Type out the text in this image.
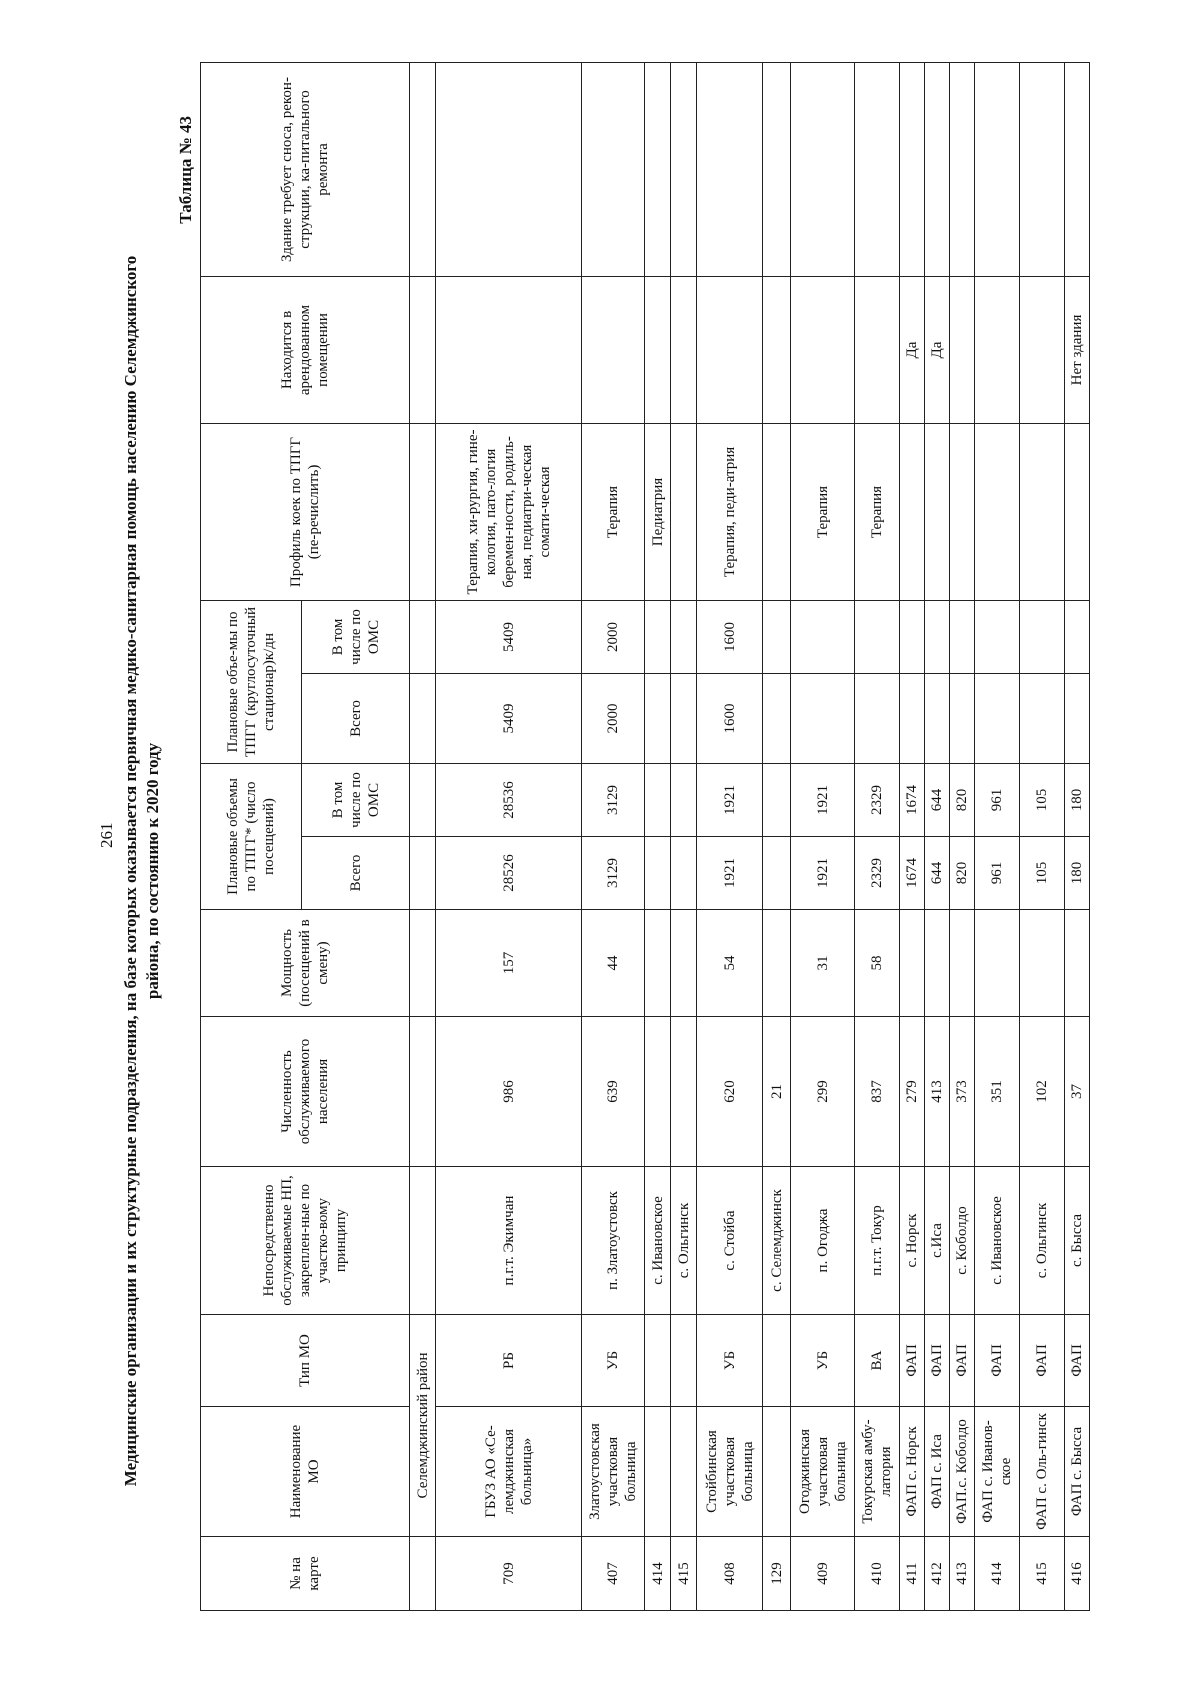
261 Медицинские организации и их структурные подразделения, на базе которых оказывается первичная медико-санитарная помощь населению Селемджинского района, по состоянию к 2020 году
Таблица № 43
№ на карте	Наименование МО	Тип МО	Непосредственно обслуживаемые НП, закреплен-ные по участко-вому принципу	Численность обслуживаемого населения	Мощность (посещений в смену)	Плановые объемы по ТПГГ* (число посещений)		Плановые объе-мы по ТПГГ (круглосуточный стационар)к/дн		Профиль коек по ТПГГ (пе-речислить)	Находится в арендованном помещении	Здание требует сноса, рекон-струкции, ка-питального ремонта
						Всего	В том числе по ОМС	Всего	В том числе по ОМС			
	Селемджинский район											
709	ГБУЗ АО «Се-лемджинская больница»	РБ	п.г.т. Экимчан	986	157	28526	28536	5409	5409	Терапия, хи-рургия, гине-кология, пато-логия беремен-ности, родиль-ная, педиатри-ческая сомати-ческая		
407	Златоустовская участковая больница	УБ	п. Златоустовск	639	44	3129	3129	2000	2000	Терапия		
414			с. Ивановское							Педиатрия		
415			с. Ольгинск									
408	Стойбинская участковая больница	УБ	с. Стойба	620	54	1921	1921	1600	1600	Терапия, педи-атрия		
129			с. Селемджинск	21								
409	Огоджинская участковая больница	УБ	п. Огоджа	299	31	1921	1921			Терапия		
410	Токурская амбу-латория	ВА	п.г.т. Токур	837	58	2329	2329			Терапия		
411	ФАП с. Норск	ФАП	с. Норск	279		1674	1674				Да	
412	ФАП с. Иса	ФАП	с.Иса	413		644	644				Да	
413	ФАП.с. Коболдо	ФАП	с. Коболдо	373		820	820					
414	ФАП с. Иванов-ское	ФАП	с. Ивановское	351		961	961					
415	ФАП с. Оль-гинск	ФАП	с. Ольгинск	102		105	105					
416	ФАП с. Бысса	ФАП	с. Бысса	37		180	180				Нет здания	
